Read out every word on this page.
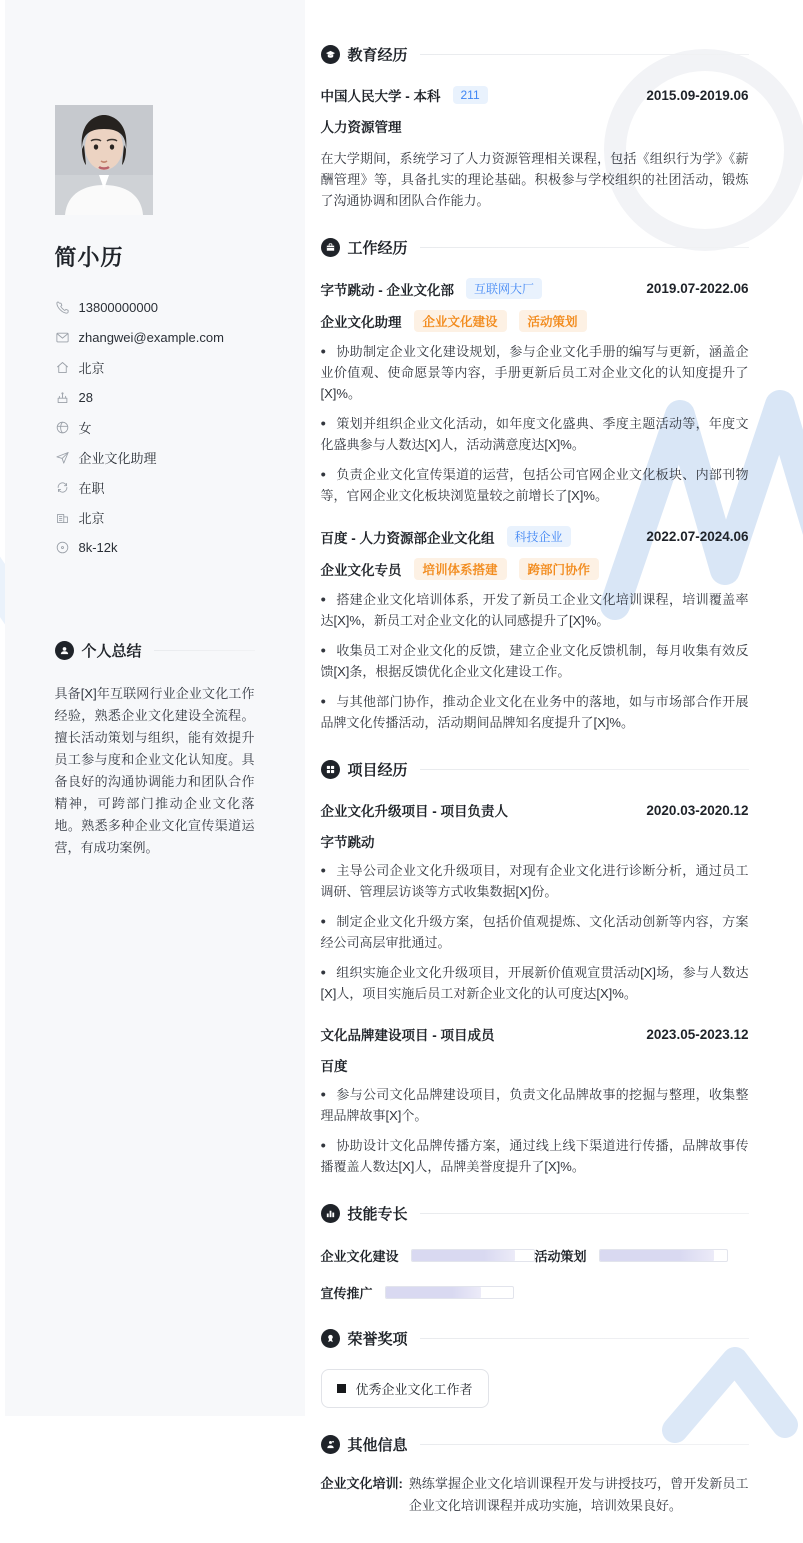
简小历
13800000000
zhangwei@example.com
北京
28
女
企业文化助理
在职
北京
8k-12k
个人总结
具备[X]年互联网行业企业文化工作经验，熟悉企业文化建设全流程。擅长活动策划与组织，能有效提升员工参与度和企业文化认知度。具备良好的沟通协调能力和团队合作精神，可跨部门推动企业文化落地。熟悉多种企业文化宣传渠道运营，有成功案例。
教育经历
中国人民大学 - 本科	211	2015.09-2019.06
人力资源管理
在大学期间，系统学习了人力资源管理相关课程，包括《组织行为学》《薪酬管理》等，具备扎实的理论基础。积极参与学校组织的社团活动，锻炼了沟通协调和团队合作能力。
工作经历
字节跳动 - 企业文化部	互联网大厂	2019.07-2022.06
企业文化助理	企业文化建设	活动策划
• 协助制定企业文化建设规划，参与企业文化手册的编写与更新，涵盖企业价值观、使命愿景等内容，手册更新后员工对企业文化的认知度提升了[X]%。
• 策划并组织企业文化活动，如年度文化盛典、季度主题活动等，年度文化盛典参与人数达[X]人，活动满意度达[X]%。
• 负责企业文化宣传渠道的运营，包括公司官网企业文化板块、内部刊物等，官网企业文化板块浏览量较之前增长了[X]%。
百度 - 人力资源部企业文化组	科技企业	2022.07-2024.06
企业文化专员	培训体系搭建	跨部门协作
• 搭建企业文化培训体系，开发了新员工企业文化培训课程，培训覆盖率达[X]%，新员工对企业文化的认同感提升了[X]%。
• 收集员工对企业文化的反馈，建立企业文化反馈机制，每月收集有效反馈[X]条，根据反馈优化企业文化建设工作。
• 与其他部门协作，推动企业文化在业务中的落地，如与市场部合作开展品牌文化传播活动，活动期间品牌知名度提升了[X]%。
项目经历
企业文化升级项目 - 项目负责人	2020.03-2020.12
字节跳动
• 主导公司企业文化升级项目，对现有企业文化进行诊断分析，通过员工调研、管理层访谈等方式收集数据[X]份。
• 制定企业文化升级方案，包括价值观提炼、文化活动创新等内容，方案经公司高层审批通过。
• 组织实施企业文化升级项目，开展新价值观宣贯活动[X]场，参与人数达[X]人，项目实施后员工对新企业文化的认可度达[X]%。
文化品牌建设项目 - 项目成员	2023.05-2023.12
百度
• 参与公司文化品牌建设项目，负责文化品牌故事的挖掘与整理，收集整理品牌故事[X]个。
• 协助设计文化品牌传播方案，通过线上线下渠道进行传播，品牌故事传播覆盖人数达[X]人，品牌美誉度提升了[X]%。
技能专长
企业文化建设	活动策划
宣传推广
荣誉奖项
优秀企业文化工作者
其他信息
企业文化培训: 熟练掌握企业文化培训课程开发与讲授技巧，曾开发新员工企业文化培训课程并成功实施，培训效果良好。
